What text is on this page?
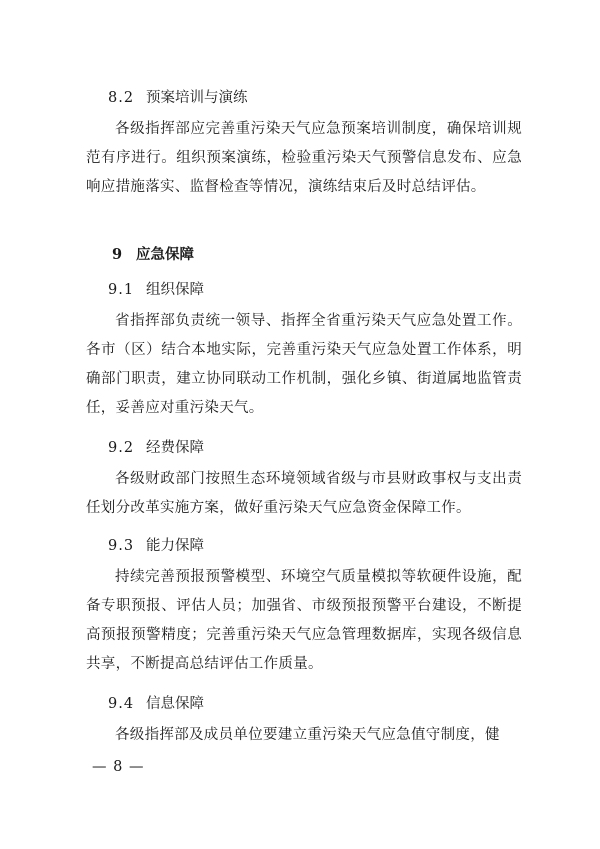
8.2 预案培训与演练
各级指挥部应完善重污染天气应急预案培训制度，确保培训规范有序进行。组织预案演练，检验重污染天气预警信息发布、应急响应措施落实、监督检查等情况，演练结束后及时总结评估。
9 应急保障
9.1 组织保障
省指挥部负责统一领导、指挥全省重污染天气应急处置工作。各市（区）结合本地实际，完善重污染天气应急处置工作体系，明确部门职责，建立协同联动工作机制，强化乡镇、街道属地监管责任，妥善应对重污染天气。
9.2 经费保障
各级财政部门按照生态环境领域省级与市县财政事权与支出责任划分改革实施方案，做好重污染天气应急资金保障工作。
9.3 能力保障
持续完善预报预警模型、环境空气质量模拟等软硬件设施，配备专职预报、评估人员；加强省、市级预报预警平台建设，不断提高预报预警精度；完善重污染天气应急管理数据库，实现各级信息共享，不断提高总结评估工作质量。
9.4 信息保障
各级指挥部及成员单位要建立重污染天气应急值守制度，健
— 8 —
